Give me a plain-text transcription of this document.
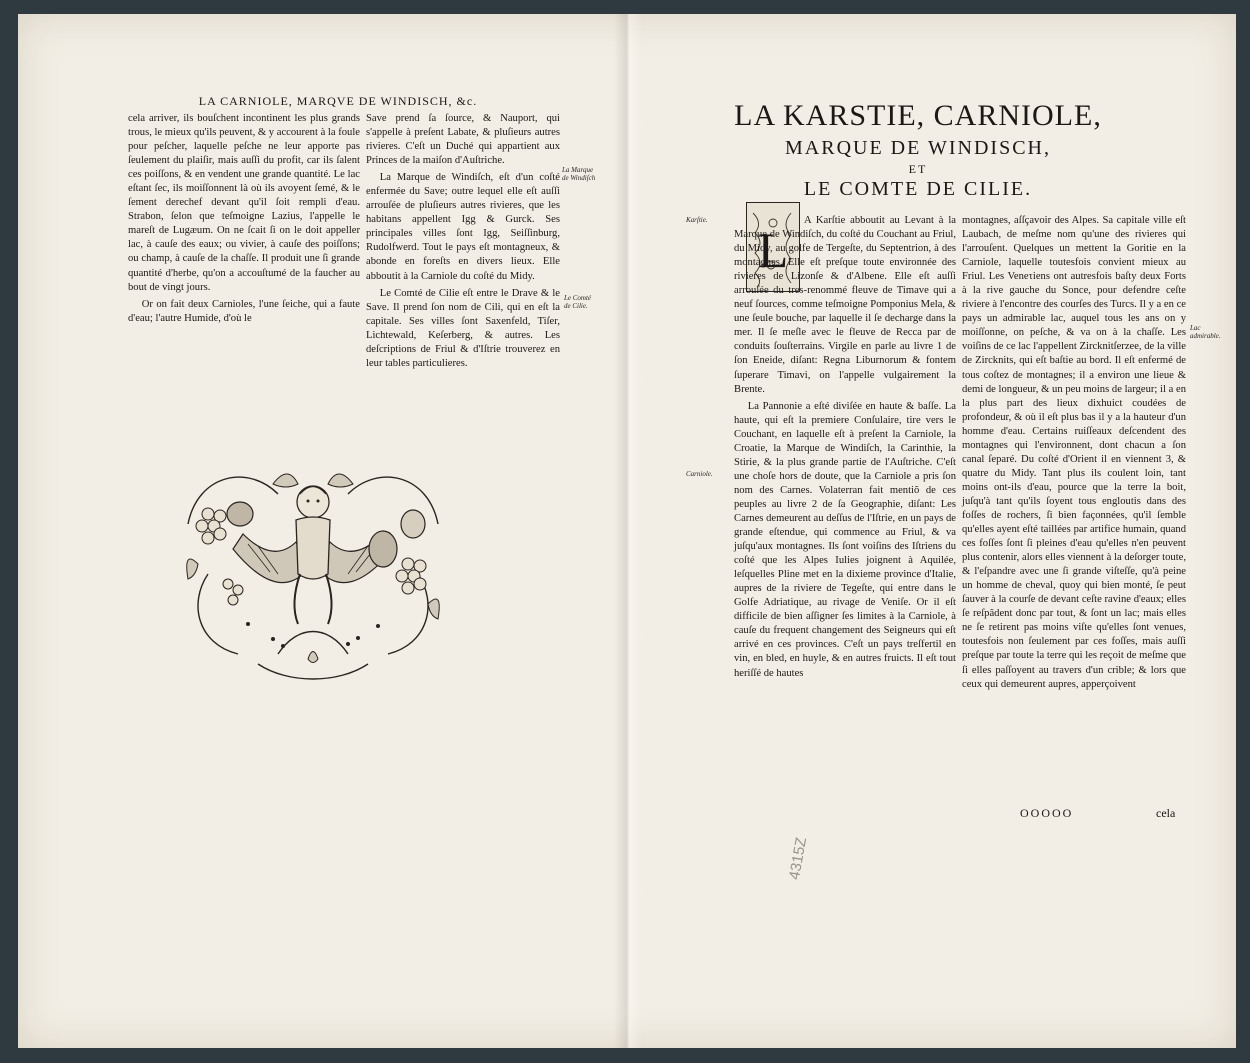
LA CARNIOLE, MARQVE DE WINDISCH, &c.

cela arriver, ils bouſchent incontinent les plus grands trous, le mieux qu'ils peuvent, & y accourent à la foule pour peſcher, laquelle peſche ne leur apporte pas ſeulement du plaiſir, mais auſſi du profit, car ils ſalent ces poiſſons, & en vendent une grande quantité. Le lac eſtant ſec, ils moiſſonnent là où ils avoyent ſemé, & le ſement derechef devant qu'il ſoit rempli d'eau. Strabon, ſelon que teſmoigne Lazius, l'appelle le mareſt de Lugæum. On ne ſcait ſi on le doit appeller lac, à cauſe des eaux; ou vivier, à cauſe des poiſſons; ou champ, à cauſe de la chaſſe. Il produit une ſi grande quantité d'herbe, qu'on a accouſtumé de la faucher au bout de vingt jours.

Or on fait deux Carnioles, l'une ſeiche, qui a faute d'eau; l'autre Humide, d'où le

Save prend ſa ſource, & Nauport, qui s'appelle à preſent Labate, & pluſieurs autres rivieres. C'eſt un Duché qui appartient aux Princes de la maiſon d'Auſtriche.

La Marque de Windiſch, eſt d'un coſté enfermée du Save; outre lequel elle eſt auſſi arrouſée de pluſieurs autres rivieres, que les habitans appellent Igg & Gurck. Ses principales villes ſont Igg, Seiſſinburg, Rudolfwerd. Tout le pays eſt montagneux, & abonde en foreſts en divers lieux. Elle abboutit à la Carniole du coſté du Midy.

Le Comté de Cilie eſt entre le Drave & le Save. Il prend ſon nom de Cili, qui en eſt la capitale. Ses villes ſont Saxenfeld, Tiſer, Lichtewald, Keſerberg, & autres. Les deſcriptions de Friul & d'Iſtrie trouverez en leur tables particulieres.

La Marque de Windiſch
Le Comté de Cilie.
LA KARSTIE, CARNIOLE,
MARQUE DE WINDISCH,
ET
LE COMTE DE CILIE.
L
Karſtie.
Carniole.
Lac admirable.

A Karſtie abboutit au Levant à la Marque de Windiſch, du coſté du Couchant au Friul, du Midy, au golfe de Tergeſte, du Septentrion, à des montagnes. Elle eſt preſque toute environnée des rivieres de Lizonſe & d'Albene. Elle eſt auſſi arrouſée du tres-renommé fleuve de Timave qui a neuf ſources, comme teſmoigne Pomponius Mela, & une ſeule bouche, par laquelle il ſe decharge dans la mer. Il ſe meſle avec le fleuve de Recca par de conduits ſouſterrains. Virgile en parle au livre 1 de ſon Eneide, diſant: Regna Liburnorum & fontem ſuperare Timavi, on l'appelle vulgairement la Brente.

La Pannonie a eſté diviſée en haute & baſſe. La haute, qui eſt la premiere Conſulaire, tire vers le Couchant, en laquelle eſt à preſent la Carniole, la Croatie, la Marque de Windiſch, la Carinthie, la Stirie, & la plus grande partie de l'Auſtriche. C'eſt une choſe hors de doute, que la Carniole a pris ſon nom des Carnes. Volaterran fait mentiõ de ces peuples au livre 2 de ſa Geographie, diſant: Les Carnes demeurent au deſſus de l'Iſtrie, en un pays de grande eſtendue, qui commence au Friul, & va juſqu'aux montagnes. Ils ſont voiſins des Iſtriens du coſté que les Alpes Iulies joignent à Aquilée, leſquelles Pline met en la dixieme province d'Italie, aupres de la riviere de Tegeſte, qui entre dans le Golfe Adriatique, au rivage de Veniſe. Or il eſt difficile de bien aſſigner ſes limites à la Carniole, à cauſe du frequent changement des Seigneurs qui eſt arrivé en ces provinces. C'eſt un pays treſfertil en vin, en bled, en huyle, & en autres fruicts. Il eſt tout heriſſé de hautes

montagnes, aſſçavoir des Alpes. Sa capitale ville eſt Laubach, de meſme nom qu'une des rivieres qui l'arrouſent. Quelques un mettent la Goritie en la Carniole, laquelle toutesfois convient mieux au Friul. Les Veneτiens ont autresfois baſty deux Forts à la rive gauche du Sonce, pour defendre ceſte riviere à l'encontre des courſes des Turcs. Il y a en ce pays un admirable lac, auquel tous les ans on y moiſſonne, on peſche, & va on à la chaſſe. Les voiſins de ce lac l'appellent Zircknitſerzee, de la ville de Zircknits, qui eſt baſtie au bord. Il eſt enfermé de tous coſtez de montagnes; il a environ une lieue & demi de longueur, & un peu moins de largeur; il a en la plus part des lieux dixhuict coudées de profondeur, & où il eſt plus bas il y a la hauteur d'un homme d'eau. Certains ruiſſeaux deſcendent des montagnes qui l'environnent, dont chacun a ſon canal ſeparé. Du coſté d'Orient il en viennent 3, & quatre du Midy. Tant plus ils coulent loin, tant moins ont-ils d'eau, pource que la terre la boit, juſqu'à tant qu'ils ſoyent tous engloutis dans des foſſes de rochers, ſi bien façonnées, qu'il ſemble qu'elles ayent eſté taillées par artifice humain, quand ces foſſes ſont ſi pleines d'eau qu'elles n'en peuvent plus contenir, alors elles viennent à la deſorger toute, & l'eſpandre avec une ſi grande viſteſſe, qu'à peine un homme de cheval, quoy qui bien monté, ſe peut ſauver à la courſe de devant ceſte ravine d'eaux; elles ſe reſpãdent donc par tout, & ſont un lac; mais elles ne ſe retirent pas moins viſte qu'elles ſont venues, toutesfois non ſeulement par ces foſſes, mais auſſi preſque par toute la terre qui les reçoit de meſme que ſi elles paſſoyent au travers d'un crible; & lors que ceux qui demeurent aupres, apperçoivent

OOOOO	cela
4315Z
